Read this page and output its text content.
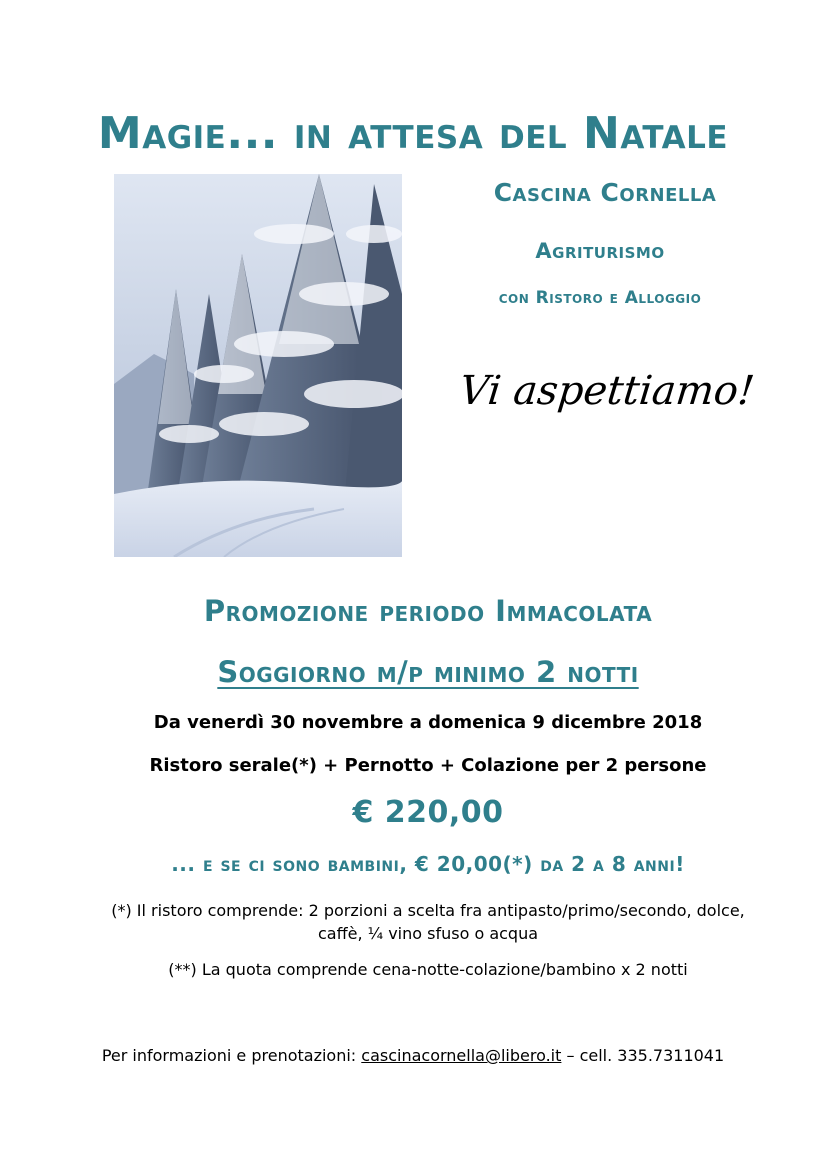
Magie... in attesa del Natale
Cascina Cornella
Agriturismo
con Ristoro e Alloggio
Vi aspettiamo!
Promozione periodo Immacolata
Soggiorno m/p minimo 2 notti
Da venerdì 30 novembre a domenica 9 dicembre 2018
Ristoro serale(*) + Pernotto + Colazione per 2 persone
€ 220,00
... e se ci sono bambini, € 20,00(*) da 2 a 8 anni!
(*) Il ristoro comprende: 2 porzioni a scelta fra antipasto/primo/secondo, dolce,
caffè, ¼ vino sfuso o acqua
(**) La quota comprende cena-notte-colazione/bambino x 2 notti
Per informazioni e prenotazioni: cascinacornella@libero.it – cell. 335.7311041
